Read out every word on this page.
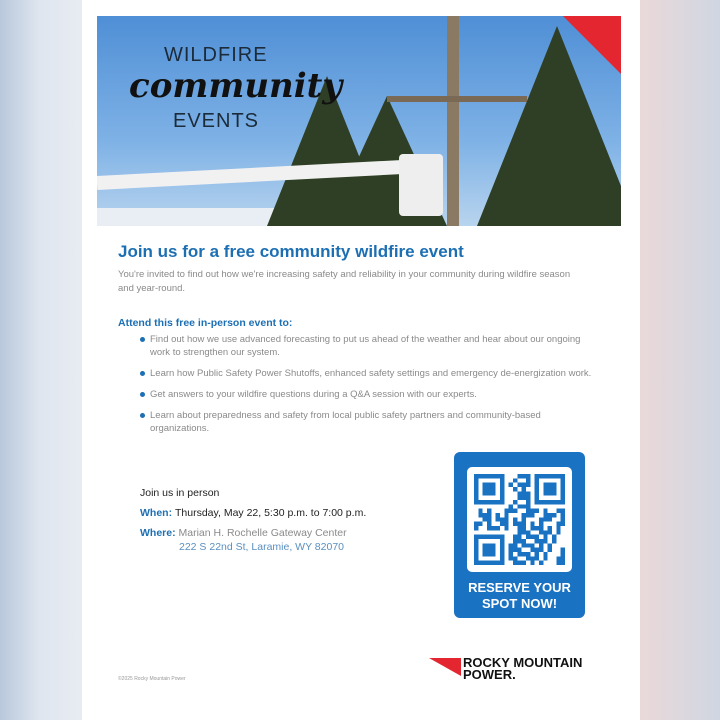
WILDFIRE
community
EVENTS
Join us for a free community wildfire event

You're invited to find out how we're increasing safety and reliability in your community during wildfire season and year-round.

Attend this free in-person event to:
Find out how we use advanced forecasting to put us ahead of the weather and hear about our ongoing work to strengthen our system.
Learn how Public Safety Power Shutoffs, enhanced safety settings and emergency de-energization work.
Get answers to your wildfire questions during a Q&A session with our experts.
Learn about preparedness and safety from local public safety partners and community-based organizations.
Join us in person
When: Thursday, May 22, 5:30 p.m. to 7:00 p.m.
Where: Marian H. Rochelle Gateway Center
222 S 22nd St, Laramie, WY 82070
RESERVE YOUR
SPOT NOW!
©2025 Rocky Mountain Power
ROCKY MOUNTAIN
POWER.
